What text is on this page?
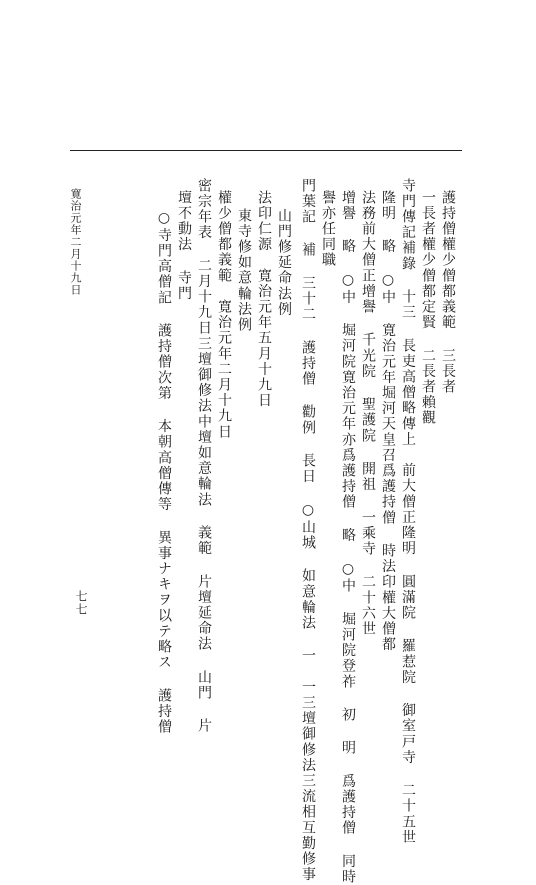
護持僧權少僧都義範 三長者
一長者權少僧都定賢 二長者賴觀
寺門傳記補錄 十三 長吏高僧略傳上　前大僧正隆明 圓滿院 羅惹院 御室戸寺 二十五世
隆明 略 ○中 寛治元年堀河天皇召爲護持僧 時法印權大僧都
法務前大僧正增譽 千光院 聖護院 開祖 一乘寺 二十六世
增譽 略 ○中 堀河院寛治元年亦爲護持僧 略 ○中 堀河院登祚 初 明 爲護持僧 同時
譽亦任同職
門葉記 補 三十二 護持僧 勸例 長日 ○山城 如意輪法 一　一三壇御修法三流相互勤修事
山門修延命法例
法印仁源　寛治元年五月十九日
東寺修如意輪法例
權少僧都義範　寛治元年二月十九日
密宗年表 二月十九日三壇御修法中壇如意輪法 義範 片壇延命法 山門 片
壇不動法 寺門
○寺門高僧記 護持僧次第 本朝高僧傳等 異事ナキヲ以テ略ス 護持僧
寛治元年二月十九日
七七
